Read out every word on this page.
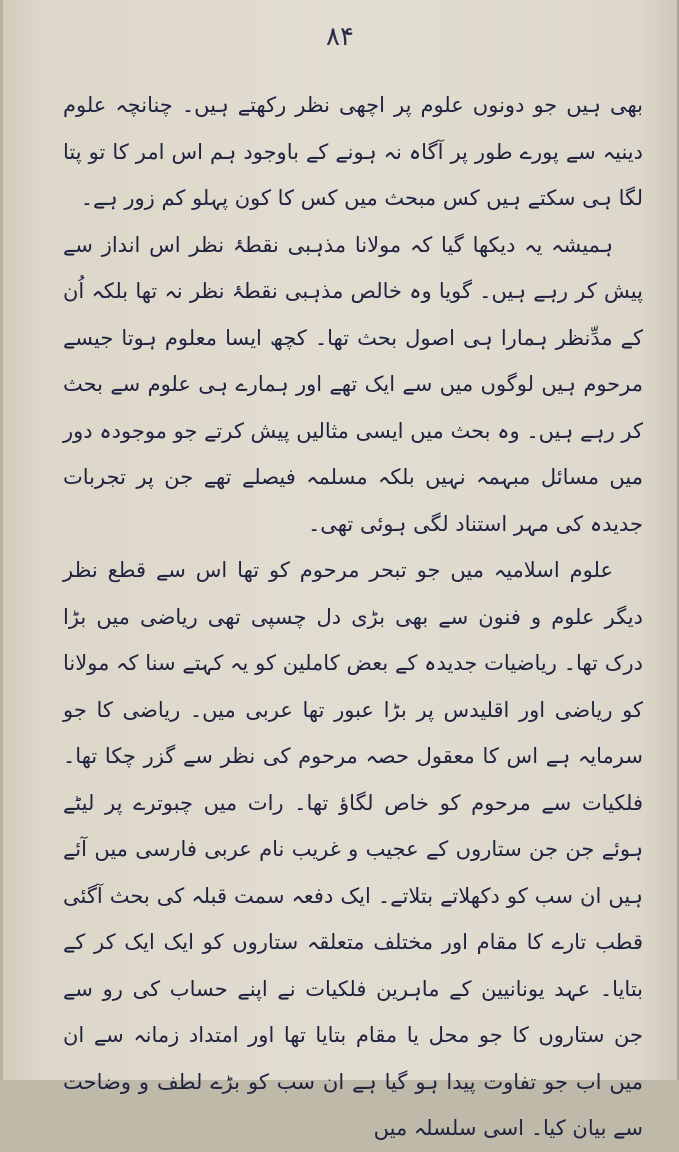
۸۴

بھی ہیں جو دونوں علوم پر اچھی نظر رکھتے ہیں۔ چنانچہ علوم دینیہ سے پورے طور پر آگاہ نہ ہونے کے باوجود ہم اس امر کا تو پتا لگا ہی سکتے ہیں کس مبحث میں کس کا کون پہلو کم زور ہے۔

ہمیشہ یہ دیکھا گیا کہ مولانا مذہبی نقطۂ نظر اس انداز سے پیش کر رہے ہیں۔ گویا وہ خالص مذہبی نقطۂ نظر نہ تھا بلکہ اُن کے مدِّنظر ہمارا ہی اصول بحث تھا۔ کچھ ایسا معلوم ہوتا جیسے مرحوم ہیں لوگوں میں سے ایک تھے اور ہمارے ہی علوم سے بحث کر رہے ہیں۔ وہ بحث میں ایسی مثالیں پیش کرتے جو موجودہ دور میں مسائل مبہمہ نہیں بلکہ مسلمہ فیصلے تھے جن پر تجربات جدیدہ کی مہر استناد لگی ہوئی تھی۔

علوم اسلامیہ میں جو تبحر مرحوم کو تھا اس سے قطع نظر دیگر علوم و فنون سے بھی بڑی دل چسپی تھی ریاضی میں بڑا درک تھا۔ ریاضیات جدیدہ کے بعض کاملین کو یہ کہتے سنا کہ مولانا کو ریاضی اور اقلیدس پر بڑا عبور تھا عربی میں۔ ریاضی کا جو سرمایہ ہے اس کا معقول حصہ مرحوم کی نظر سے گزر چکا تھا۔ فلکیات سے مرحوم کو خاص لگاؤ تھا۔ رات میں چبوترے پر لیٹے ہوئے جن جن ستاروں کے عجیب و غریب نام عربی فارسی میں آئے ہیں ان سب کو دکھلاتے بتلاتے۔ ایک دفعہ سمت قبلہ کی بحث آگئی قطب تارے کا مقام اور مختلف متعلقہ ستاروں کو ایک ایک کر کے بتایا۔ عہد یونانیین کے ماہرین فلکیات نے اپنے حساب کی رو سے جن ستاروں کا جو محل یا مقام بتایا تھا اور امتداد زمانہ سے ان میں اب جو تفاوت پیدا ہو گیا ہے ان سب کو بڑے لطف و وضاحت سے بیان کیا۔ اسی سلسلہ میں
